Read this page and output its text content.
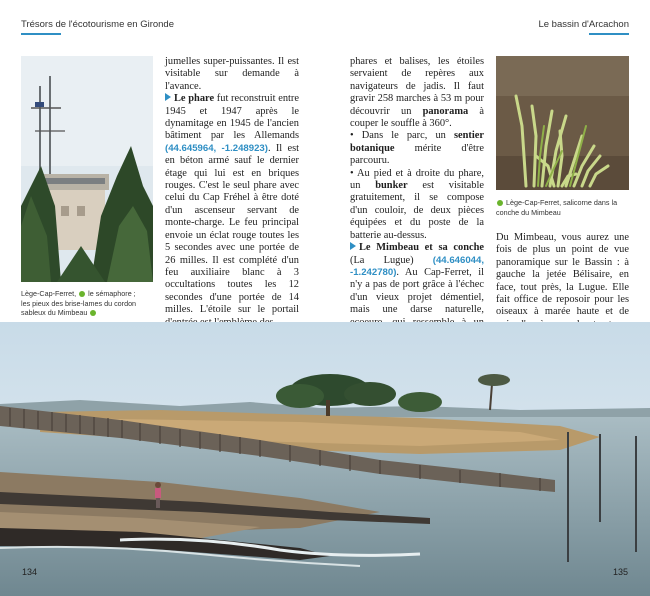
Trésors de l'écotourisme en Gironde	Le bassin d'Arcachon
Lège-Cap-Ferret,  le sémaphore ;
les pieux des brise-lames du cordon sableux du Mimbeau

jumelles super-puissantes. Il est visitable sur demande à l'avance.
Le phare fut reconstruit entre 1945 et 1947 après le dynamitage en 1945 de l'ancien bâtiment par les Allemands (44.645964, -1.248923). Il est en béton armé sauf le dernier étage qui lui est en briques rouges. C'est le seul phare avec celui du Cap Fréhel à être doté d'un ascenseur servant de monte-charge. Le feu principal envoie un éclat rouge toutes les 5 secondes avec une portée de 26 milles. Il est complété d'un feu auxiliaire blanc à 3 occultations toutes les 12 secondes d'une portée de 14 milles. L'étoile sur le portail

phares et balises, les étoiles servaient de repères aux navigateurs de jadis. Il faut gravir 258 marches à 53 m pour découvrir un panorama à couper le souffle à 360°.
• Dans le parc, un sentier botanique mérite d'être parcouru.
• Au pied et à droite du phare, un bunker est visitable gratuitement, il se compose d'un couloir, de deux pièces équipées et du poste de la batterie au-dessus.
Le Mimbeau et sa conche (La Lugue) (44.646044, -1.242780). Au Cap-Ferret, il n'y a pas de port grâce à l'échec d'un vieux projet démentiel, mais une darse naturelle,

Lège-Cap-Ferret, salicorne dans la conche du Mimbeau

Du Mimbeau, vous aurez une fois de plus un point de vue panoramique sur le Bassin : à gauche la jetée Bélisaire, en face, tout près, la Lugue. Elle fait office de reposoir pour les oiseaux à marée haute et de

134	135
